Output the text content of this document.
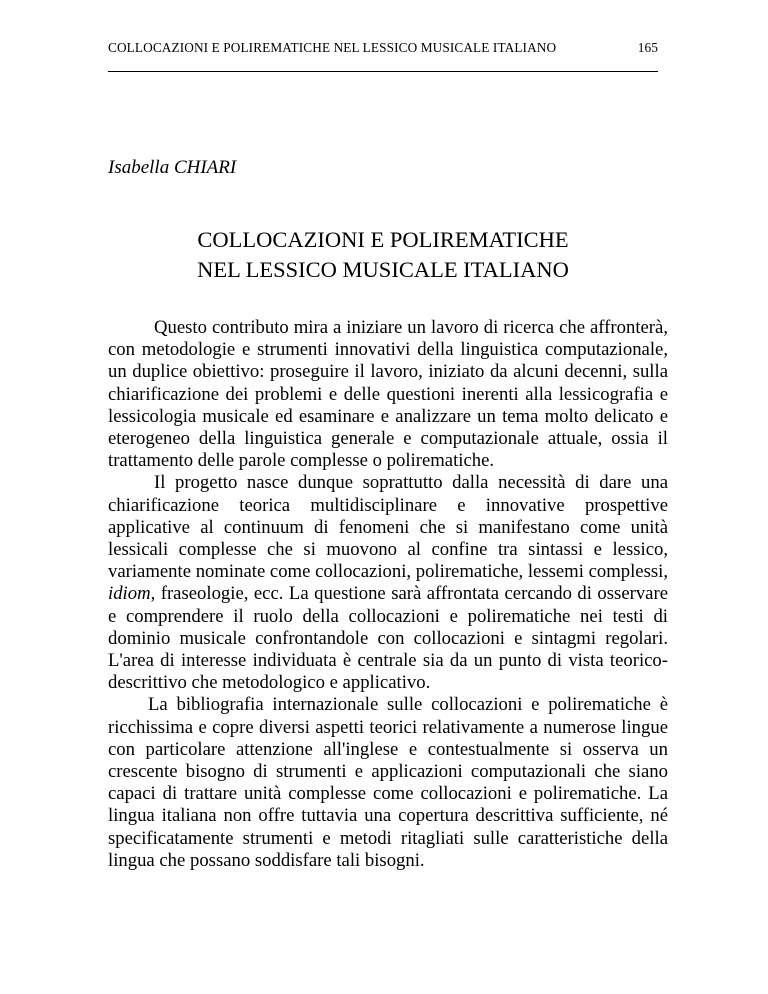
COLLOCAZIONI E POLIREMATICHE NEL LESSICO MUSICALE ITALIANO	165
Isabella CHIARI
COLLOCAZIONI E POLIREMATICHE
NEL LESSICO MUSICALE ITALIANO

Questo contributo mira a iniziare un lavoro di ricerca che affronterà, con metodologie e strumenti innovativi della linguistica computazionale, un duplice obiettivo: proseguire il lavoro, iniziato da alcuni decenni, sulla chiarificazione dei problemi e delle questioni inerenti alla lessicografia e lessicologia musicale ed esaminare e analizzare un tema molto delicato e eterogeneo della linguistica generale e computazionale attuale, ossia il trattamento delle parole complesse o polirematiche.

Il progetto nasce dunque soprattutto dalla necessità di dare una chiarificazione teorica multidisciplinare e innovative prospettive applicative al continuum di fenomeni che si manifestano come unità lessicali complesse che si muovono al confine tra sintassi e lessico, variamente nominate come collocazioni, polirematiche, lessemi complessi, idiom, fraseologie, ecc. La questione sarà affrontata cercando di osservare e comprendere il ruolo della collocazioni e polirematiche nei testi di dominio musicale confrontandole con collocazioni e sintagmi regolari. L'area di interesse individuata è centrale sia da un punto di vista teorico-descrittivo che metodologico e applicativo.

La bibliografia internazionale sulle collocazioni e polirematiche è ricchissima e copre diversi aspetti teorici relativamente a numerose lingue con particolare attenzione all'inglese e contestualmente si osserva un crescente bisogno di strumenti e applicazioni computazionali che siano capaci di trattare unità complesse come collocazioni e polirematiche. La lingua italiana non offre tuttavia una copertura descrittiva sufficiente, né specificatamente strumenti e metodi ritagliati sulle caratteristiche della lingua che possano soddisfare tali bisogni.
